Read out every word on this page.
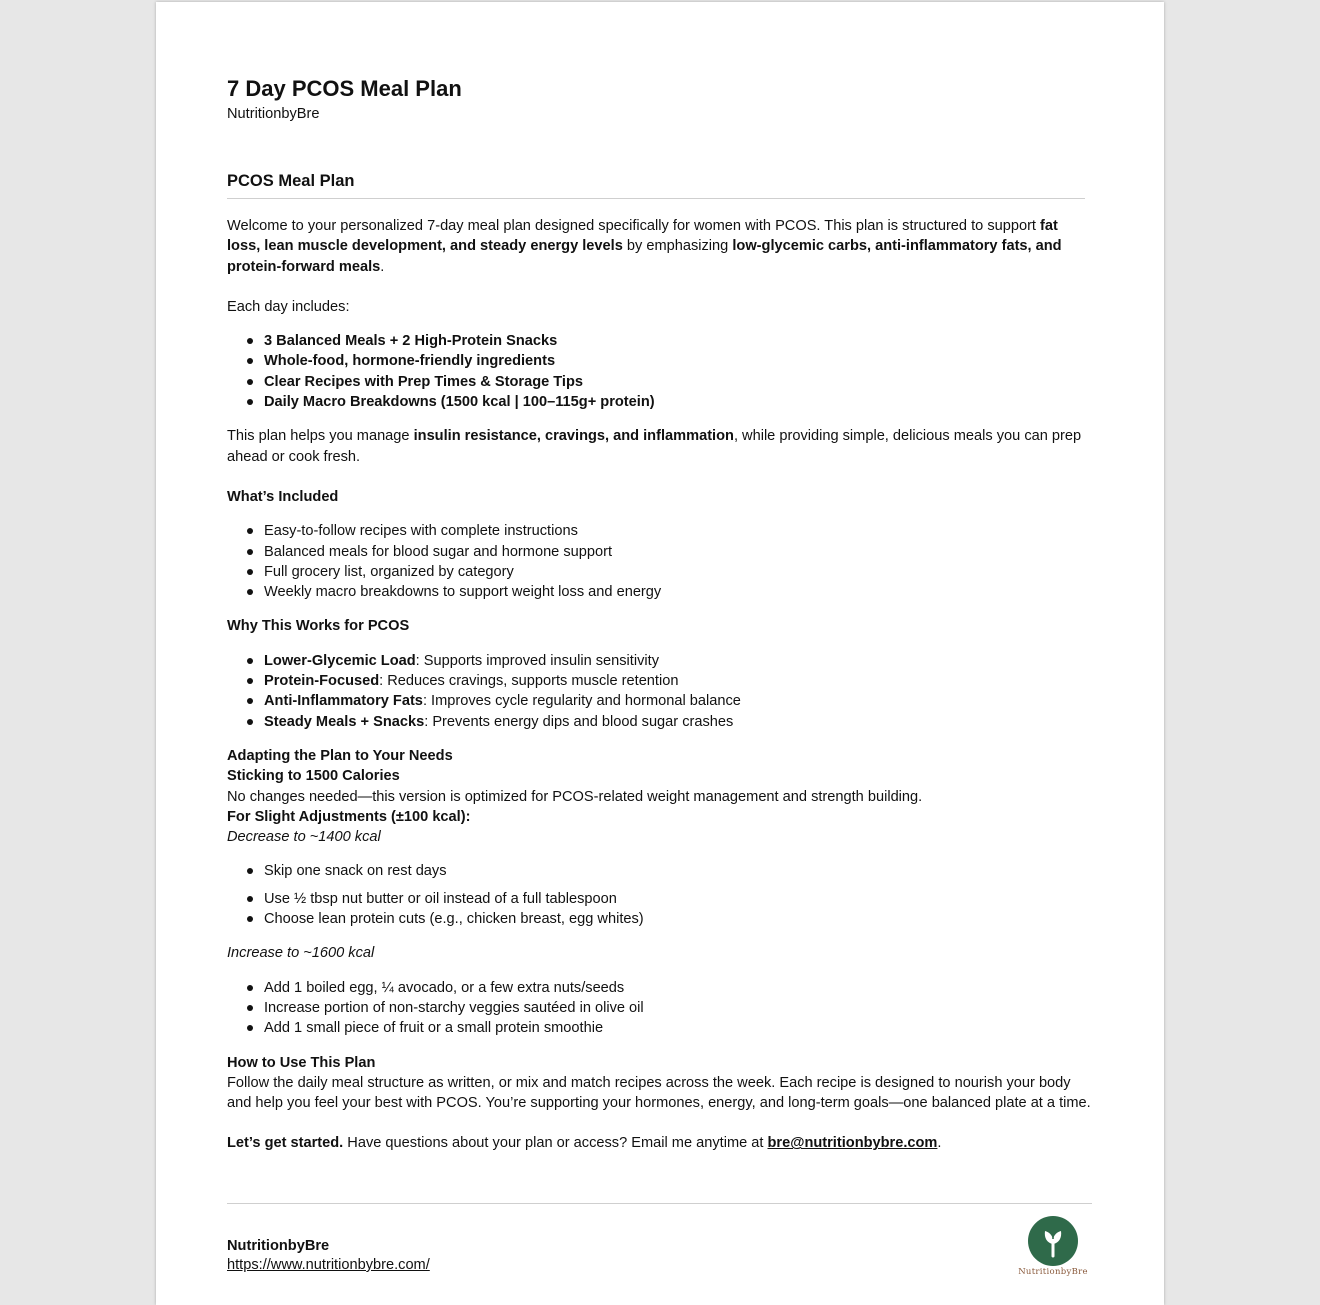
7 Day PCOS Meal Plan
NutritionbyBre
PCOS Meal Plan

Welcome to your personalized 7-day meal plan designed specifically for women with PCOS. This plan is structured to support fat loss, lean muscle development, and steady energy levels by emphasizing low-glycemic carbs, anti-inflammatory fats, and protein-forward meals.

Each day includes:

3 Balanced Meals + 2 High-Protein Snacks
Whole-food, hormone-friendly ingredients
Clear Recipes with Prep Times & Storage Tips
Daily Macro Breakdowns (1500 kcal | 100–115g+ protein)

This plan helps you manage insulin resistance, cravings, and inflammation, while providing simple, delicious meals you can prep ahead or cook fresh.

What’s Included

Easy-to-follow recipes with complete instructions
Balanced meals for blood sugar and hormone support
Full grocery list, organized by category
Weekly macro breakdowns to support weight loss and energy

Why This Works for PCOS

Lower-Glycemic Load: Supports improved insulin sensitivity
Protein-Focused: Reduces cravings, supports muscle retention
Anti-Inflammatory Fats: Improves cycle regularity and hormonal balance
Steady Meals + Snacks: Prevents energy dips and blood sugar crashes

Adapting the Plan to Your Needs

Sticking to 1500 Calories

No changes needed—this version is optimized for PCOS-related weight management and strength building.

For Slight Adjustments (±100 kcal):

Decrease to ~1400 kcal

Skip one snack on rest days
Use ½ tbsp nut butter or oil instead of a full tablespoon
Choose lean protein cuts (e.g., chicken breast, egg whites)

Increase to ~1600 kcal

Add 1 boiled egg, ¼ avocado, or a few extra nuts/seeds
Increase portion of non-starchy veggies sautéed in olive oil
Add 1 small piece of fruit or a small protein smoothie

How to Use This Plan

Follow the daily meal structure as written, or mix and match recipes across the week. Each recipe is designed to nourish your body and help you feel your best with PCOS. You’re supporting your hormones, energy, and long-term goals—one balanced plate at a time.

Let’s get started. Have questions about your plan or access? Email me anytime at bre@nutritionbybre.com.

NutritionbyBre
https://www.nutritionbybre.com/	NutritionbyBre
